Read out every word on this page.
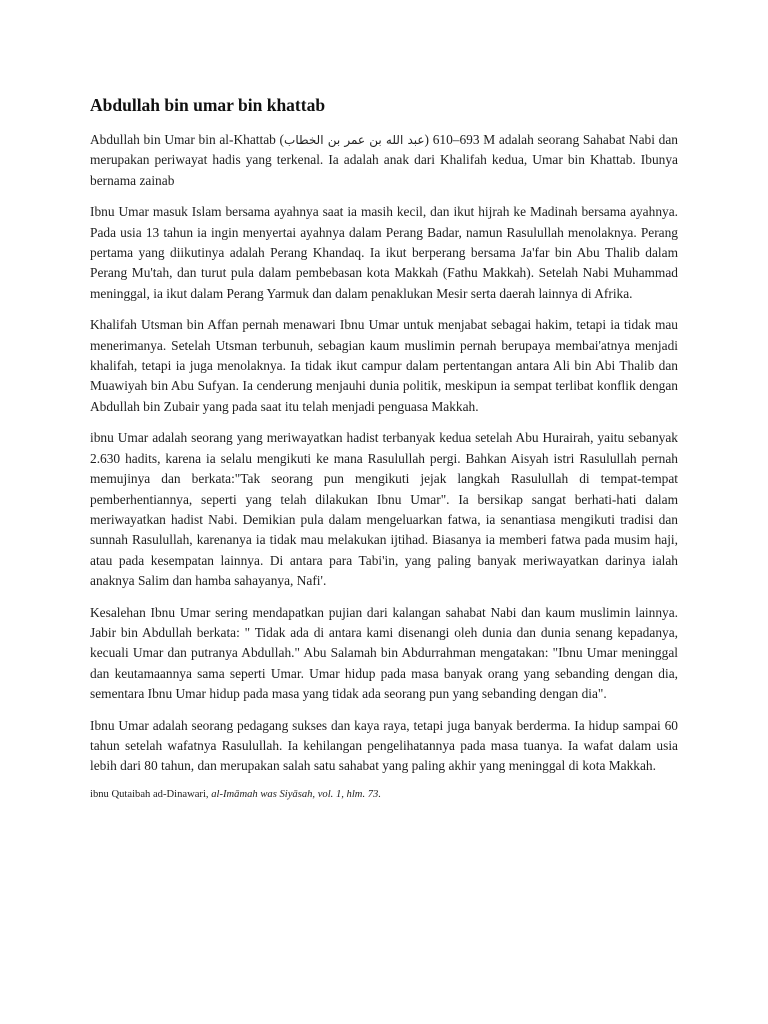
Abdullah bin umar bin khattab

Abdullah bin Umar bin al-Khattab (عبد الله بن عمر بن الخطاب) 610–693 M adalah seorang Sahabat Nabi dan merupakan periwayat hadis yang terkenal. Ia adalah anak dari Khalifah kedua, Umar bin Khattab. Ibunya bernama zainab

Ibnu Umar masuk Islam bersama ayahnya saat ia masih kecil, dan ikut hijrah ke Madinah bersama ayahnya. Pada usia 13 tahun ia ingin menyertai ayahnya dalam Perang Badar, namun Rasulullah menolaknya. Perang pertama yang diikutinya adalah Perang Khandaq. Ia ikut berperang bersama Ja'far bin Abu Thalib dalam Perang Mu'tah, dan turut pula dalam pembebasan kota Makkah (Fathu Makkah). Setelah Nabi Muhammad meninggal, ia ikut dalam Perang Yarmuk dan dalam penaklukan Mesir serta daerah lainnya di Afrika.

Khalifah Utsman bin Affan pernah menawari Ibnu Umar untuk menjabat sebagai hakim, tetapi ia tidak mau menerimanya. Setelah Utsman terbunuh, sebagian kaum muslimin pernah berupaya membai'atnya menjadi khalifah, tetapi ia juga menolaknya. Ia tidak ikut campur dalam pertentangan antara Ali bin Abi Thalib dan Muawiyah bin Abu Sufyan. Ia cenderung menjauhi dunia politik, meskipun ia sempat terlibat konflik dengan Abdullah bin Zubair yang pada saat itu telah menjadi penguasa Makkah.

ibnu Umar adalah seorang yang meriwayatkan hadist terbanyak kedua setelah Abu Hurairah, yaitu sebanyak 2.630 hadits, karena ia selalu mengikuti ke mana Rasulullah pergi. Bahkan Aisyah istri Rasulullah pernah memujinya dan berkata:"Tak seorang pun mengikuti jejak langkah Rasulullah di tempat-tempat pemberhentiannya, seperti yang telah dilakukan Ibnu Umar". Ia bersikap sangat berhati-hati dalam meriwayatkan hadist Nabi. Demikian pula dalam mengeluarkan fatwa, ia senantiasa mengikuti tradisi dan sunnah Rasulullah, karenanya ia tidak mau melakukan ijtihad. Biasanya ia memberi fatwa pada musim haji, atau pada kesempatan lainnya. Di antara para Tabi'in, yang paling banyak meriwayatkan darinya ialah anaknya Salim dan hamba sahayanya, Nafi'.

Kesalehan Ibnu Umar sering mendapatkan pujian dari kalangan sahabat Nabi dan kaum muslimin lainnya. Jabir bin Abdullah berkata: " Tidak ada di antara kami disenangi oleh dunia dan dunia senang kepadanya, kecuali Umar dan putranya Abdullah." Abu Salamah bin Abdurrahman mengatakan: "Ibnu Umar meninggal dan keutamaannya sama seperti Umar. Umar hidup pada masa banyak orang yang sebanding dengan dia, sementara Ibnu Umar hidup pada masa yang tidak ada seorang pun yang sebanding dengan dia".

Ibnu Umar adalah seorang pedagang sukses dan kaya raya, tetapi juga banyak berderma. Ia hidup sampai 60 tahun setelah wafatnya Rasulullah. Ia kehilangan pengelihatannya pada masa tuanya. Ia wafat dalam usia lebih dari 80 tahun, dan merupakan salah satu sahabat yang paling akhir yang meninggal di kota Makkah.

ibnu Qutaibah ad-Dinawari, al-Imāmah was Siyāsah, vol. 1, hlm. 73.
